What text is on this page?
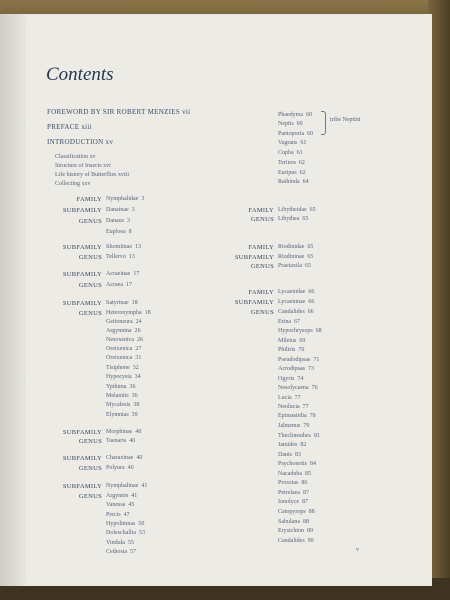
Contents
FOREWORD BY SIR ROBERT MENZIES vii
PREFACE xiii
INTRODUCTION xv
Classification xv
Structure of Insects xvi
Life history of Butterflies xviii
Collecting xxv
FAMILY Nymphalidae 3
SUBFAMILY Danainae 3
GENUS Danaus 3
Euploea 8
SUBFAMILY Ithomiinae 13
GENUS Tellervo 13
SUBFAMILY Acraeinae 17
GENUS Acraea 17
SUBFAMILY Satyrinae 18
GENUS Heteronympha 18
Geitoneura 24
Argynnina 26
Nesoxenica 26
Oreixenica 27
Oreixenica 31
Tisiphone 32
Hypocysta 34
Ypthima 36
Melanitis 36
Mycalesis 38
Elymnias 39
SUBFAMILY Morphinae 40
GENUS Taenaris 40
SUBFAMILY Charaxinae 40
GENUS Polyura 40
SUBFAMILY Nymphalinae 41
GENUS Argynnis 41
Vanessa 45
Precis 47
Hypolimnas 50
Doleschallia 53
Vindula 55
Cethosia 57
Phaedyma 60
Neptis 60
Pantoporia 60
Vagrans 61
Cupha 61
Terinos 62
Euripus 62
Rathinda 64
FAMILY Libytheidae 65
GENUS Libythea 65
FAMILY Riodinidae 65
SUBFAMILY Riodininae 65
GENUS Praetaxila 65
FAMILY Lycaenidae 66
SUBFAMILY Lycaeninae 66
GENUS Candalides 66
Erina 67
Hypochrysops 68
Miletus 69
Philiris 70
Pseudodipsas 71
Acrodipsas 73
Ogyris 74
Nesolycaena 76
Lucia 77
Neolucia 77
Epimastidia 78
Jalmenus 79
Theclinesthes 81
Jamides 82
Danis 83
Psychonotis 84
Nacaduba 85
Prosotas 86
Petrelaea 87
Ionolyce 87
Catopyrops 88
Sahulana 88
Erysichton 89
Candalides 90
tribe Neptini
v
